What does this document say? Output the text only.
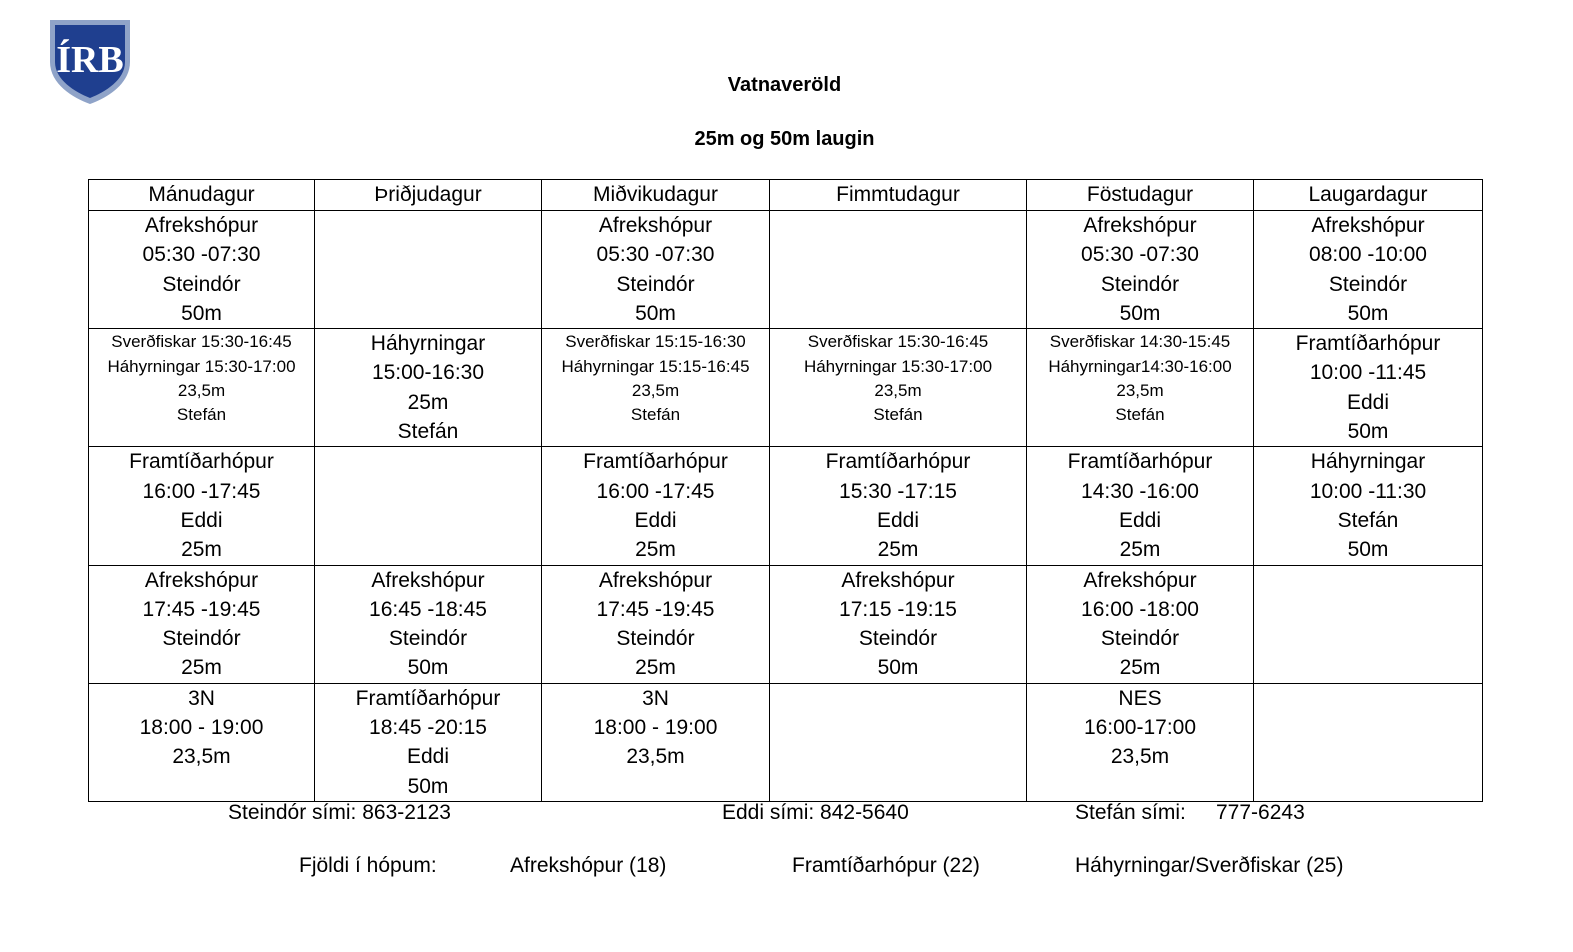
ÍRB
Vatnaveröld
25m og 50m laugin
Mánudagur	Þriðjudagur	Miðvikudagur	Fimmtudagur	Föstudagur	Laugardagur

Afrekshópur
05:30 -07:30
Steindór
50m		Afrekshópur
05:30 -07:30
Steindór
50m		Afrekshópur
05:30 -07:30
Steindór
50m	Afrekshópur
08:00 -10:00
Steindór
50m

Sverðfiskar 15:30-16:45
Háhyrningar 15:30-17:00
23,5m
Stefán	Háhyrningar
15:00-16:30
25m
Stefán	Sverðfiskar 15:15-16:30
Háhyrningar 15:15-16:45
23,5m
Stefán	Sverðfiskar 15:30-16:45
Háhyrningar 15:30-17:00
23,5m
Stefán	Sverðfiskar 14:30-15:45
Háhyrningar14:30-16:00
23,5m
Stefán	Framtíðarhópur
10:00 -11:45
Eddi
50m

Framtíðarhópur
16:00 -17:45
Eddi
25m		Framtíðarhópur
16:00 -17:45
Eddi
25m	Framtíðarhópur
15:30 -17:15
Eddi
25m	Framtíðarhópur
14:30 -16:00
Eddi
25m	Háhyrningar
10:00 -11:30
Stefán
50m

Afrekshópur
17:45 -19:45
Steindór
25m	Afrekshópur
16:45 -18:45
Steindór
50m	Afrekshópur
17:45 -19:45
Steindór
25m	Afrekshópur
17:15 -19:15
Steindór
50m	Afrekshópur
16:00 -18:00
Steindór
25m	

3N
18:00 - 19:00
23,5m	Framtíðarhópur
18:45 -20:15
Eddi
50m	3N
18:00 - 19:00
23,5m		NES
16:00-17:00
23,5m	

Steindór sími: 863-2123	Eddi sími: 842-5640	Stefán sími: 777-6243
Fjöldi í hópum:	Afrekshópur (18)	Framtíðarhópur (22)	Háhyrningar/Sverðfiskar (25)
